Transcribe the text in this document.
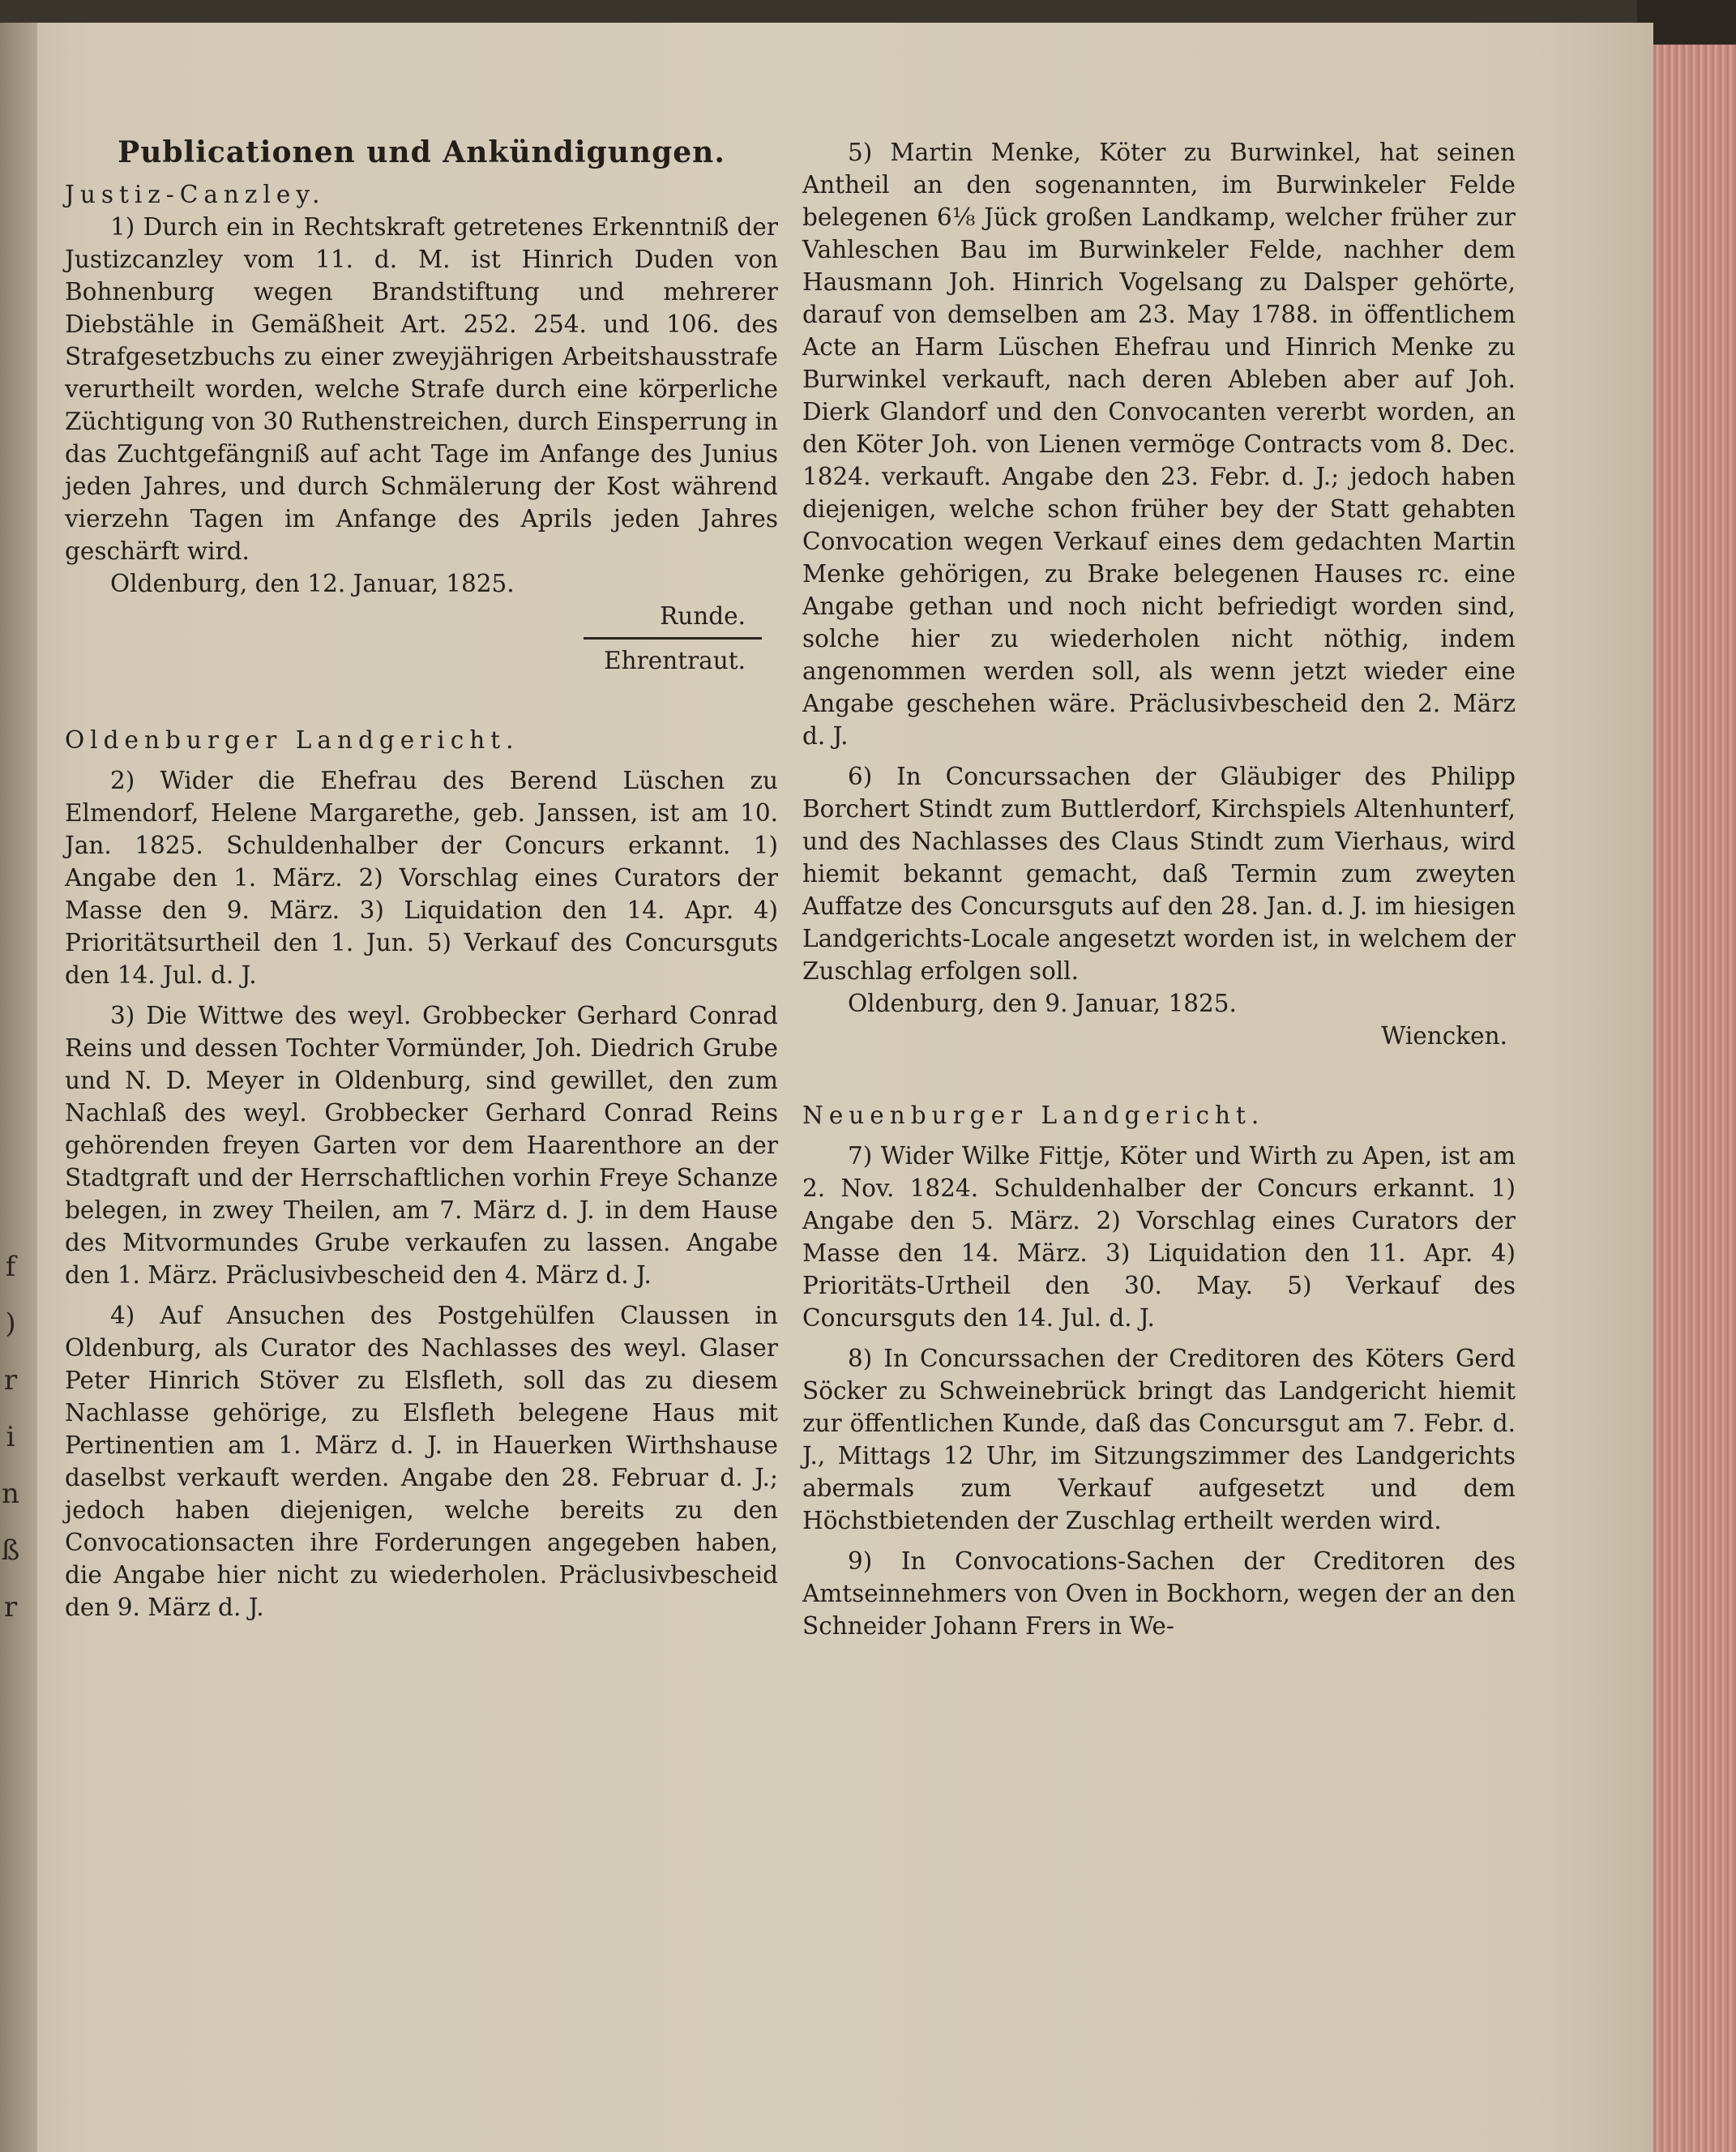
f
)
r
i
n
ß
r

Publicationen und Ankündigungen.

Justiz-Canzley.

1) Durch ein in Rechtskraft getretenes Erkenntniß der Justizcanzley vom 11. d. M. ist Hinrich Duden von Bohnenburg wegen Brandstiftung und mehrerer Diebstähle in Gemäßheit Art. 252. 254. und 106. des Strafgesetzbuchs zu einer zweyjährigen Arbeitshausstrafe verurtheilt worden, welche Strafe durch eine körperliche Züchtigung von 30 Ruthenstreichen, durch Einsperrung in das Zuchtgefängniß auf acht Tage im Anfange des Junius jeden Jahres, und durch Schmälerung der Kost während vierzehn Tagen im Anfange des Aprils jeden Jahres geschärft wird.

Oldenburg, den 12. Januar, 1825.

Runde.

Ehrentraut.

Oldenburger Landgericht.

2) Wider die Ehefrau des Berend Lüschen zu Elmendorf, Helene Margarethe, geb. Janssen, ist am 10. Jan. 1825. Schuldenhalber der Concurs erkannt. 1) Angabe den 1. März. 2) Vorschlag eines Curators der Masse den 9. März. 3) Liquidation den 14. Apr. 4) Prioritätsurtheil den 1. Jun. 5) Verkauf des Concursguts den 14. Jul. d. J.

3) Die Wittwe des weyl. Grobbecker Gerhard Conrad Reins und dessen Tochter Vormünder, Joh. Diedrich Grube und N. D. Meyer in Oldenburg, sind gewillet, den zum Nachlaß des weyl. Grobbecker Gerhard Conrad Reins gehörenden freyen Garten vor dem Haarenthore an der Stadtgraft und der Herrschaftlichen vorhin Freye Schanze belegen, in zwey Theilen, am 7. März d. J. in dem Hause des Mitvormundes Grube verkaufen zu lassen. Angabe den 1. März. Präclusivbescheid den 4. März d. J.

4) Auf Ansuchen des Postgehülfen Claussen in Oldenburg, als Curator des Nachlasses des weyl. Glaser Peter Hinrich Stöver zu Elsfleth, soll das zu diesem Nachlasse gehörige, zu Elsfleth belegene Haus mit Pertinentien am 1. März d. J. in Hauerken Wirthshause daselbst verkauft werden. Angabe den 28. Februar d. J.; jedoch haben diejenigen, welche bereits zu den Convocationsacten ihre Forderungen angegeben haben, die Angabe hier nicht zu wiederholen. Präclusivbescheid den 9. März d. J.

5) Martin Menke, Köter zu Burwinkel, hat seinen Antheil an den sogenannten, im Burwinkeler Felde belegenen 6⅛ Jück großen Landkamp, welcher früher zur Vahleschen Bau im Burwinkeler Felde, nachher dem Hausmann Joh. Hinrich Vogelsang zu Dalsper gehörte, darauf von demselben am 23. May 1788. in öffentlichem Acte an Harm Lüschen Ehefrau und Hinrich Menke zu Burwinkel verkauft, nach deren Ableben aber auf Joh. Dierk Glandorf und den Convocanten vererbt worden, an den Köter Joh. von Lienen vermöge Contracts vom 8. Dec. 1824. verkauft. Angabe den 23. Febr. d. J.; jedoch haben diejenigen, welche schon früher bey der Statt gehabten Convocation wegen Verkauf eines dem gedachten Martin Menke gehörigen, zu Brake belegenen Hauses rc. eine Angabe gethan und noch nicht befriedigt worden sind, solche hier zu wiederholen nicht nöthig, indem angenommen werden soll, als wenn jetzt wieder eine Angabe geschehen wäre. Präclusivbescheid den 2. März d. J.

6) In Concurssachen der Gläubiger des Philipp Borchert Stindt zum Buttlerdorf, Kirchspiels Altenhunterf, und des Nachlasses des Claus Stindt zum Vierhaus, wird hiemit bekannt gemacht, daß Termin zum zweyten Auffatze des Concursguts auf den 28. Jan. d. J. im hiesigen Landgerichts-Locale angesetzt worden ist, in welchem der Zuschlag erfolgen soll.

Oldenburg, den 9. Januar, 1825.

Wiencken.

Neuenburger Landgericht.

7) Wider Wilke Fittje, Köter und Wirth zu Apen, ist am 2. Nov. 1824. Schuldenhalber der Concurs erkannt. 1) Angabe den 5. März. 2) Vorschlag eines Curators der Masse den 14. März. 3) Liquidation den 11. Apr. 4) Prioritäts-Urtheil den 30. May. 5) Verkauf des Concursguts den 14. Jul. d. J.

8) In Concurssachen der Creditoren des Köters Gerd Söcker zu Schweinebrück bringt das Landgericht hiemit zur öffentlichen Kunde, daß das Concursgut am 7. Febr. d. J., Mittags 12 Uhr, im Sitzungszimmer des Landgerichts abermals zum Verkauf aufgesetzt und dem Höchstbietenden der Zuschlag ertheilt werden wird.

9) In Convocations-Sachen der Creditoren des Amtseinnehmers von Oven in Bockhorn, wegen der an den Schneider Johann Frers in We-
